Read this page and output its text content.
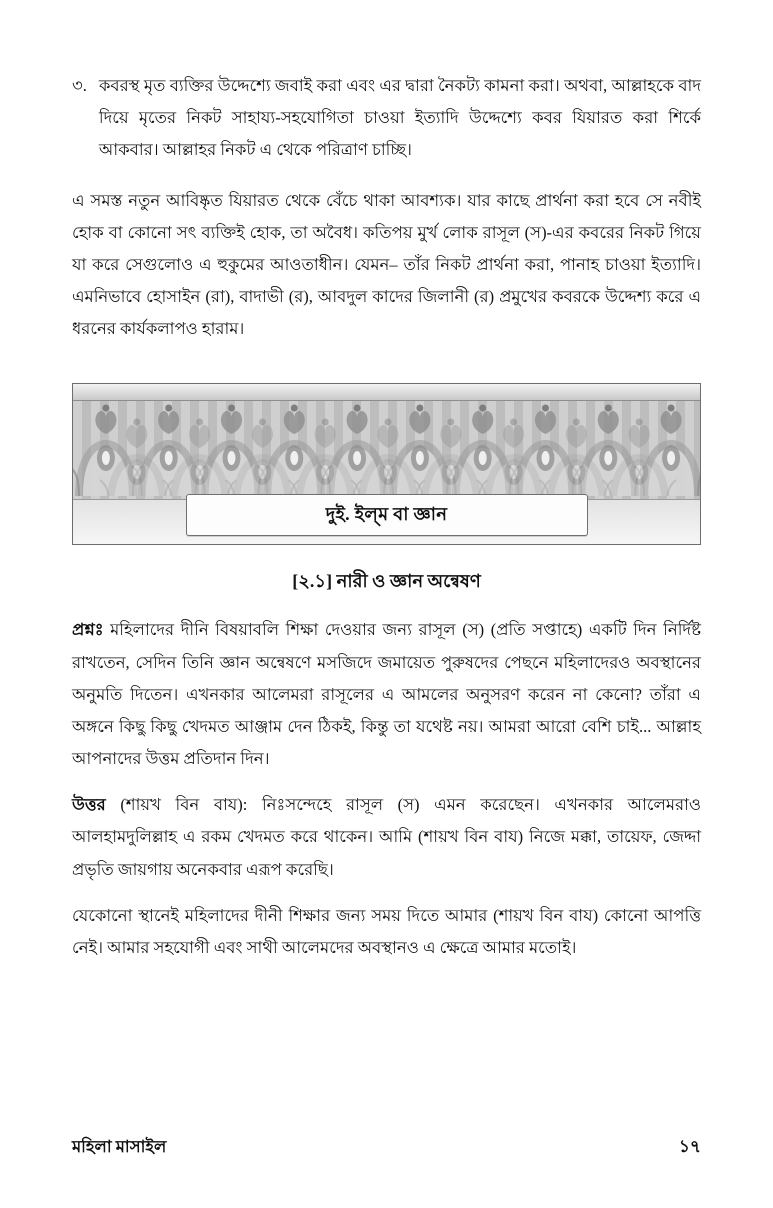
৩. কবরস্থ মৃত ব্যক্তির উদ্দেশ্যে জবাই করা এবং এর দ্বারা নৈকট্য কামনা করা। অথবা, আল্লাহকে বাদ দিয়ে মৃতের নিকট সাহায্য-সহযোগিতা চাওয়া ইত্যাদি উদ্দেশ্যে কবর যিয়ারত করা শিৰ্কে আকবার। আল্লাহর নিকট এ থেকে পরিত্রাণ চাচ্ছি।

এ সমস্ত নতুন আবিষ্কৃত যিয়ারত থেকে বেঁচে থাকা আবশ্যক। যার কাছে প্রার্থনা করা হবে সে নবীই হোক বা কোনো সৎ ব্যক্তিই হোক, তা অবৈধ। কতিপয় মুর্খ লোক রাসূল (স)-এর কবরের নিকট গিয়ে যা করে সেগুলোও এ হুকুমের আওতাধীন। যেমন– তাঁর নিকট প্রার্থনা করা, পানাহ চাওয়া ইত্যাদি। এমনিভাবে হোসাইন (রা), বাদাভী (র), আবদুল কাদের জিলানী (র) প্রমুখের কবরকে উদ্দেশ্য করে এ ধরনের কার্যকলাপও হারাম।

দুই. ইল্‌ম বা জ্ঞান
[২.১] নারী ও জ্ঞান অন্বেষণ

প্রশ্নঃ মহিলাদের দীনি বিষয়াবলি শিক্ষা দেওয়ার জন্য রাসূল (স) (প্রতি সপ্তাহে) একটি দিন নির্দিষ্ট রাখতেন, সেদিন তিনি জ্ঞান অন্বেষণে মসজিদে জমায়েত পুরুষদের পেছনে মহিলাদেরও অবস্থানের অনুমতি দিতেন। এখনকার আলেমরা রাসূলের এ আমলের অনুসরণ করেন না কেনো? তাঁরা এ অঙ্গনে কিছু কিছু খেদমত আঞ্জাম দেন ঠিকই, কিন্তু তা যথেষ্ট নয়। আমরা আরো বেশি চাই... আল্লাহ আপনাদের উত্তম প্রতিদান দিন।

উত্তর (শায়খ বিন বায): নিঃসন্দেহে রাসূল (স) এমন করেছেন। এখনকার আলেমরাও আলহামদুলিল্লাহ এ রকম খেদমত করে থাকেন। আমি (শায়খ বিন বায) নিজে মক্কা, তায়েফ, জেদ্দা প্রভৃতি জায়গায় অনেকবার এরূপ করেছি।

যেকোনো স্থানেই মহিলাদের দীনী শিক্ষার জন্য সময় দিতে আমার (শায়খ বিন বায) কোনো আপত্তি নেই। আমার সহযোগী এবং সাথী আলেমদের অবস্থানও এ ক্ষেত্রে আমার মতোই।

মহিলা মাসাইল	১৭
